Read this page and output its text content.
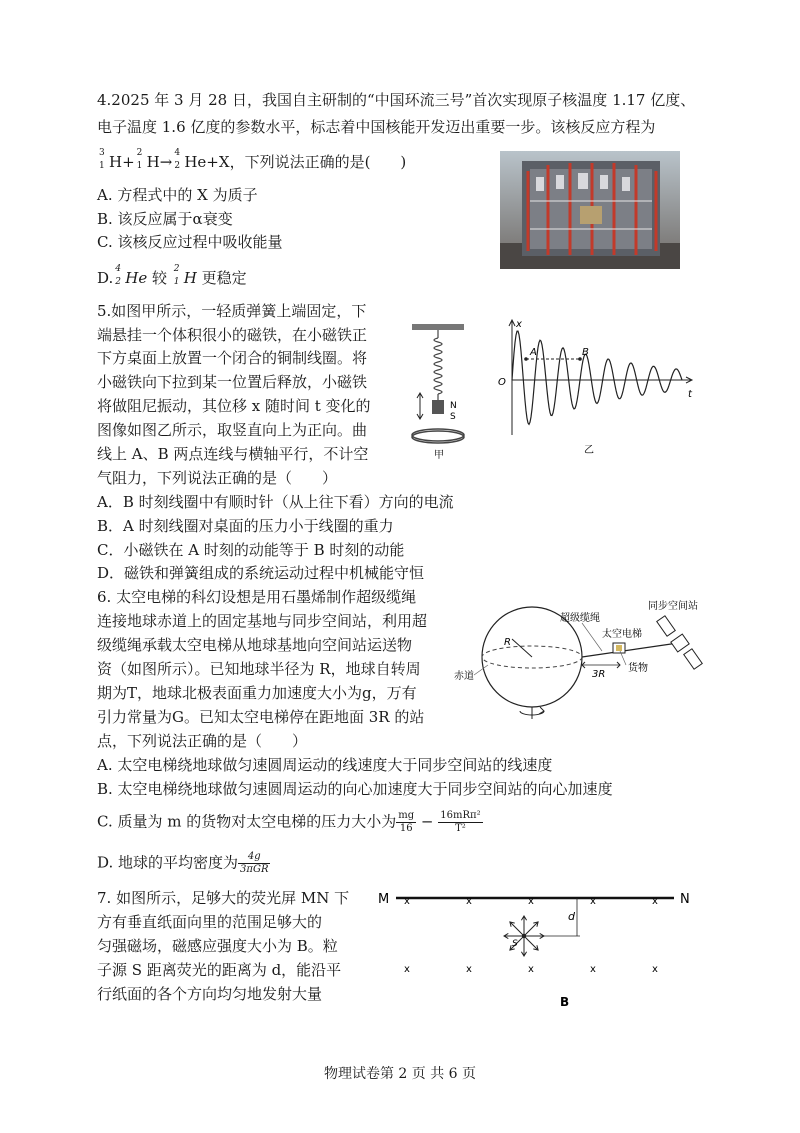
4.2025 年 3 月 28 日，我国自主研制的“中国环流三号”首次实现原子核温度 1.17 亿度、
电子温度 1.6 亿度的参数水平，标志着中国核能开发迈出重要一步。该核反应方程为
3
1 H+ 2
1 H→ 4
2 He+X，下列说法正确的是(　　)
A. 方程式中的 X 为质子
B. 该反应属于α衰变
C. 该核反应过程中吸收能量
D. 4
2 He 较 2
1 H 更稳定
5.如图甲所示，一轻质弹簧上端固定，下
端悬挂一个体积很小的磁铁，在小磁铁正
下方桌面上放置一个闭合的铜制线圈。将
小磁铁向下拉到某一位置后释放，小磁铁
将做阻尼振动，其位移 x 随时间 t 变化的
图像如图乙所示，取竖直向上为正向。曲
线上 A、B 两点连线与横轴平行，不计空
气阻力，下列说法正确的是（　　）
A．B 时刻线圈中有顺时针（从上往下看）方向的电流
B．A 时刻线圈对桌面的压力小于线圈的重力
C．小磁铁在 A 时刻的动能等于 B 时刻的动能
D．磁铁和弹簧组成的系统运动过程中机械能守恒
N
S
甲
x
t
O
A	B
乙
6. 太空电梯的科幻设想是用石墨烯制作超级缆绳
连接地球赤道上的固定基地与同步空间站，利用超
级缆绳承载太空电梯从地球基地向空间站运送物
资（如图所示）。已知地球半径为 R，地球自转周
期为T，地球北极表面重力加速度大小为g，万有
引力常量为G。已知太空电梯停在距地面 3R 的站
点，下列说法正确的是（　　）
A. 太空电梯绕地球做匀速圆周运动的线速度大于同步空间站的线速度
B. 太空电梯绕地球做匀速圆周运动的向心加速度大于同步空间站的向心加速度
C. 质量为 m 的货物对太空电梯的压力大小为 $\frac{mg}{16} - \frac{\text{16mRπ²}}{\text{T²}}$
D. 地球的平均密度为 $\frac{4g}{\text{3πGR}}$
R
3R
超级缆绳
太空电梯
货物
同步空间站
赤道
7. 如图所示，足够大的荧光屏 MN 下
方有垂直纸面向里的范围足够大的
匀强磁场，磁感应强度大小为 B。粒
子源 S 距离荧光的距离为 d，能沿平
行纸面的各个方向均匀地发射大量
M	N
x	x	x	x	x
x	x	x	x	x
d
S
B
物理试卷第 2 页 共 6 页
